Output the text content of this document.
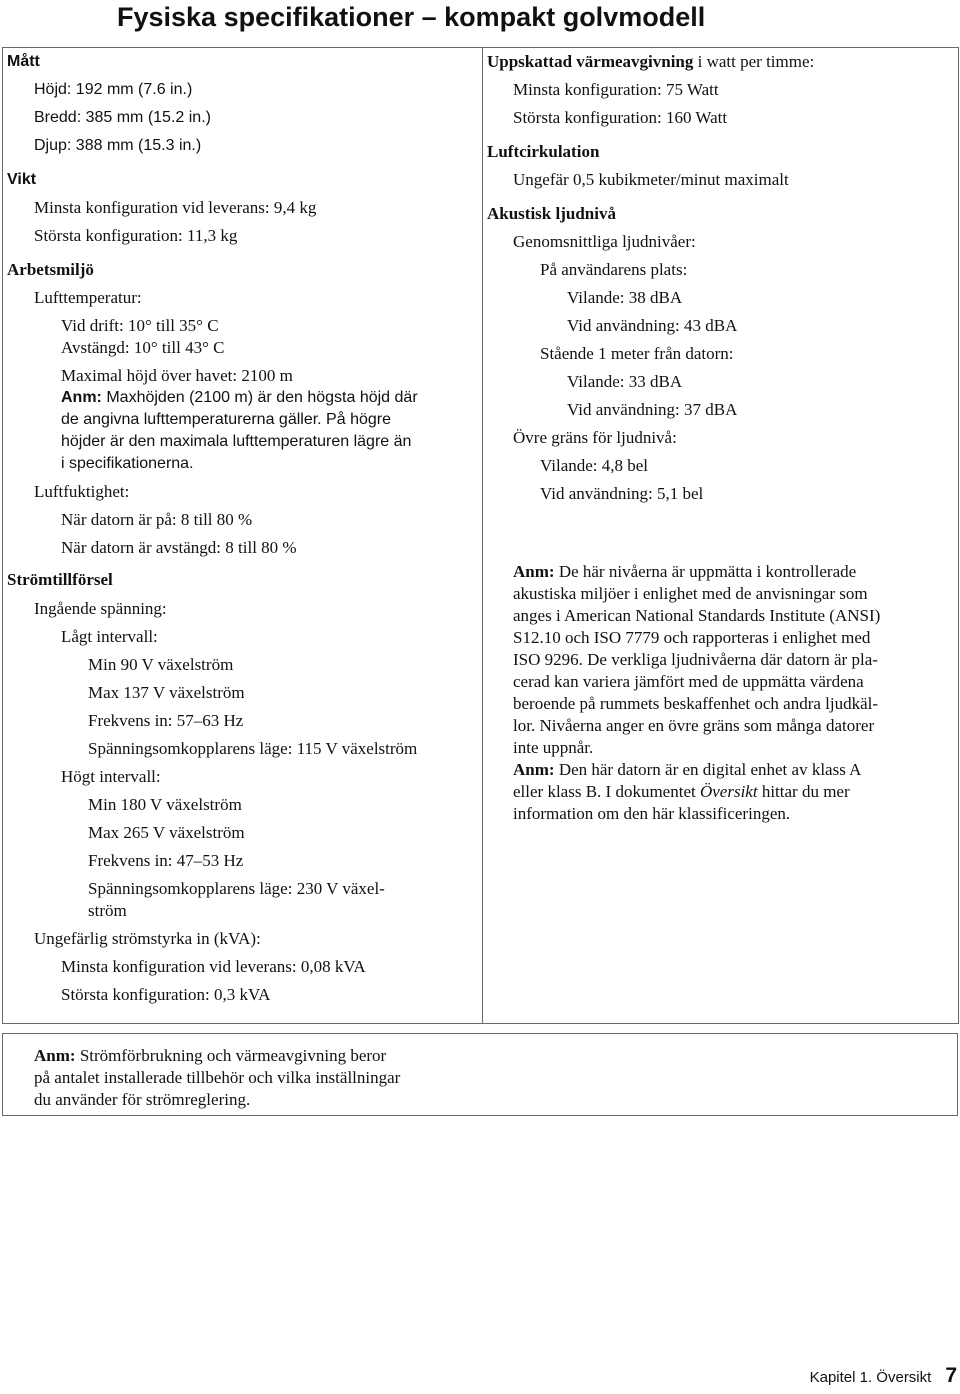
Fysiska specifikationer – kompakt golvmodell
Mått
Höjd: 192 mm (7.6 in.)
Bredd: 385 mm (15.2 in.)
Djup: 388 mm (15.3 in.)
Vikt
Minsta konfiguration vid leverans: 9,4 kg
Största konfiguration: 11,3 kg
Arbetsmiljö
Lufttemperatur:
Vid drift: 10° till 35° C
Avstängd: 10° till 43° C
Maximal höjd över havet: 2100 m
Anm: Maxhöjden (2100 m) är den högsta höjd där
de angivna lufttemperaturerna gäller. På högre
höjder är den maximala lufttemperaturen lägre än
i specifikationerna.
Luftfuktighet:
När datorn är på: 8 till 80 %
När datorn är avstängd: 8 till 80 %
Strömtillförsel
Ingående spänning:
Lågt intervall:
Min 90 V växelström
Max 137 V växelström
Frekvens in: 57–63 Hz
Spänningsomkopplarens läge: 115 V växelström
Högt intervall:
Min 180 V växelström
Max 265 V växelström
Frekvens in: 47–53 Hz
Spänningsomkopplarens läge: 230 V växel-
ström
Ungefärlig strömstyrka in (kVA):
Minsta konfiguration vid leverans: 0,08 kVA
Största konfiguration: 0,3 kVA
Uppskattad värmeavgivning i watt per timme:
Minsta konfiguration: 75 Watt
Största konfiguration: 160 Watt
Luftcirkulation
Ungefär 0,5 kubikmeter/minut maximalt
Akustisk ljudnivå
Genomsnittliga ljudnivåer:
På användarens plats:
Vilande: 38 dBA
Vid användning: 43 dBA
Stående 1 meter från datorn:
Vilande: 33 dBA
Vid användning: 37 dBA
Övre gräns för ljudnivå:
Vilande: 4,8 bel
Vid användning: 5,1 bel
Anm: De här nivåerna är uppmätta i kontrollerade
akustiska miljöer i enlighet med de anvisningar som
anges i American National Standards Institute (ANSI)
S12.10 och ISO 7779 och rapporteras i enlighet med
ISO 9296. De verkliga ljudnivåerna där datorn är pla-
cerad kan variera jämfört med de uppmätta värdena
beroende på rummets beskaffenhet och andra ljudkäl-
lor. Nivåerna anger en övre gräns som många datorer
inte uppnår.
Anm: Den här datorn är en digital enhet av klass A
eller klass B. I dokumentet Översikt hittar du mer
information om den här klassificeringen.
Anm: Strömförbrukning och värmeavgivning beror
på antalet installerade tillbehör och vilka inställningar
du använder för strömreglering.
Kapitel 1. Översikt 7
